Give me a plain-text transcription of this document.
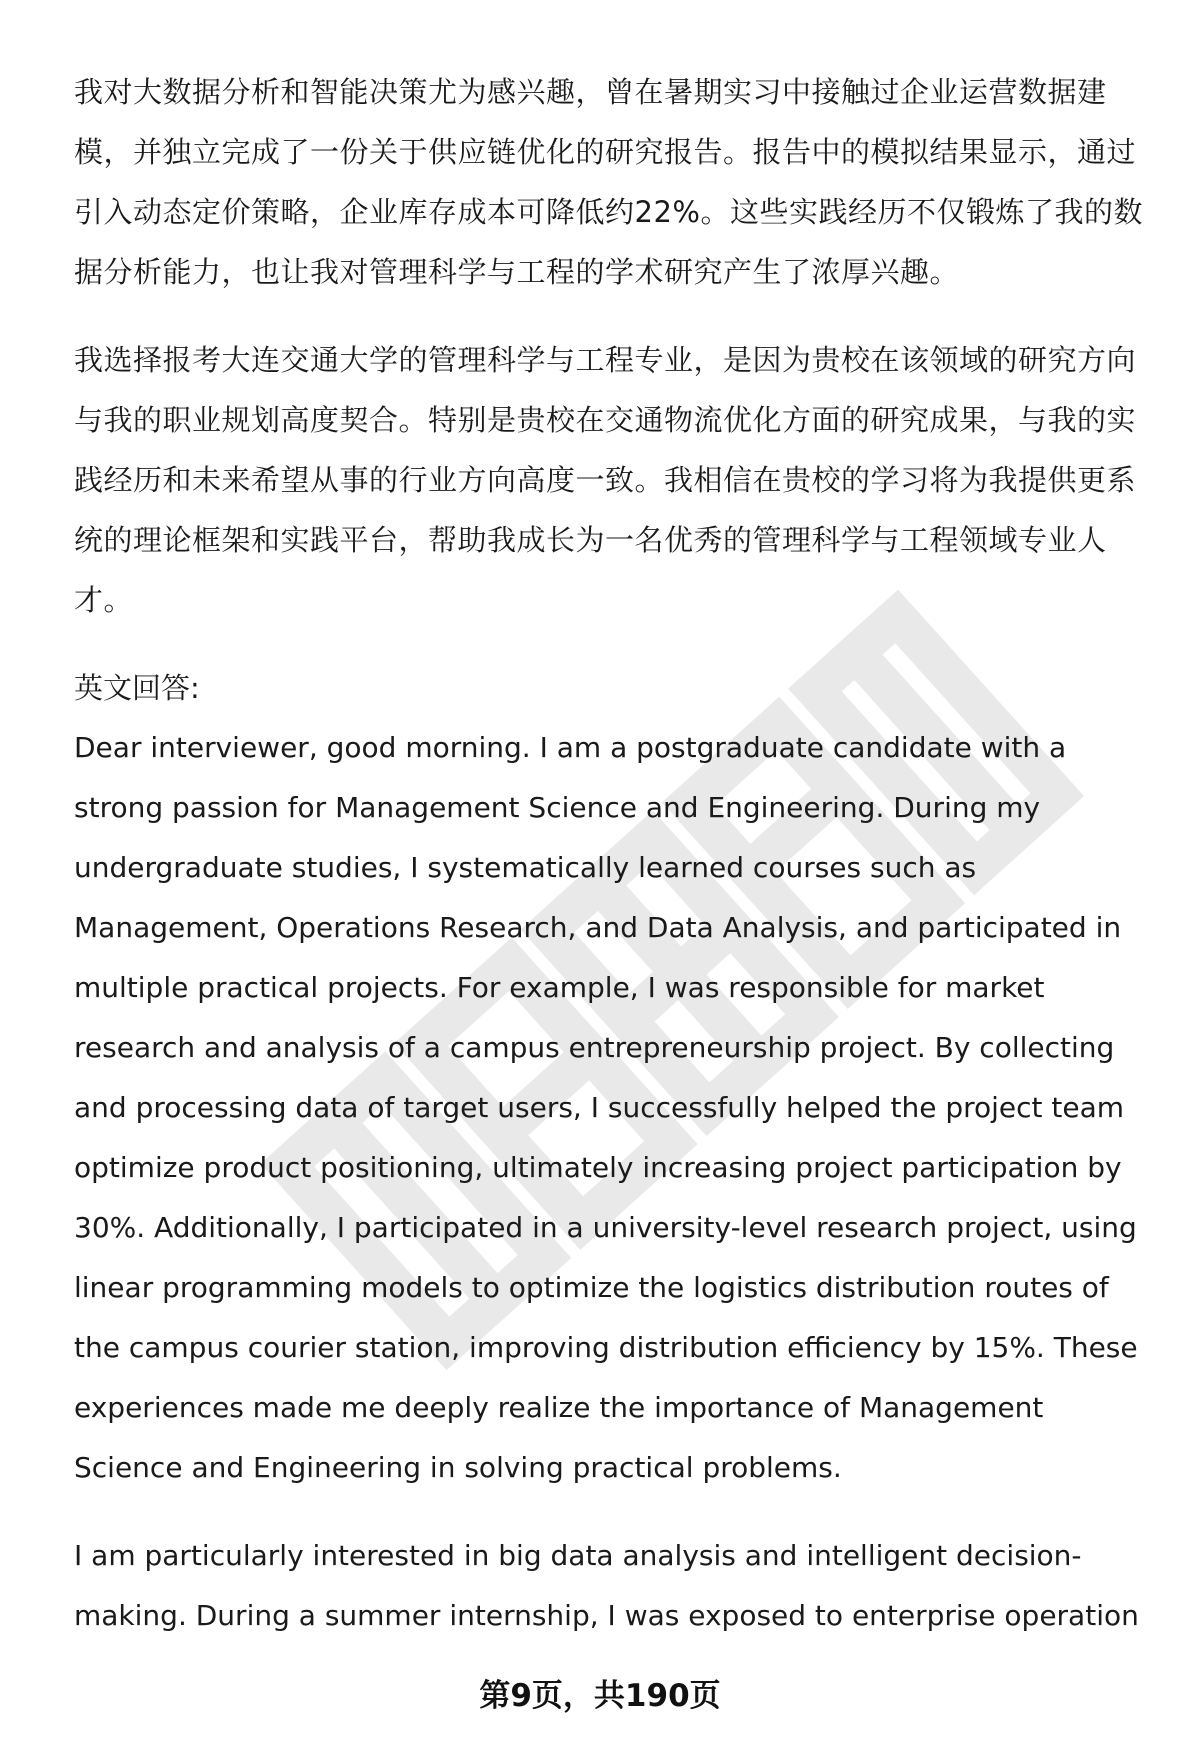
我对大数据分析和智能决策尤为感兴趣，曾在暑期实习中接触过企业运营数据建模，并独立完成了一份关于供应链优化的研究报告。报告中的模拟结果显示，通过引入动态定价策略，企业库存成本可降低约22%。这些实践经历不仅锻炼了我的数据分析能力，也让我对管理科学与工程的学术研究产生了浓厚兴趣。

我选择报考大连交通大学的管理科学与工程专业，是因为贵校在该领域的研究方向与我的职业规划高度契合。特别是贵校在交通物流优化方面的研究成果，与我的实践经历和未来希望从事的行业方向高度一致。我相信在贵校的学习将为我提供更系统的理论框架和实践平台，帮助我成长为一名优秀的管理科学与工程领域专业人才。

英文回答:

Dear interviewer, good morning. I am a postgraduate candidate with a strong passion for Management Science and Engineering. During my undergraduate studies, I systematically learned courses such as Management, Operations Research, and Data Analysis, and participated in multiple practical projects. For example, I was responsible for market research and analysis of a campus entrepreneurship project. By collecting and processing data of target users, I successfully helped the project team optimize product positioning, ultimately increasing project participation by 30%. Additionally, I participated in a university-level research project, using linear programming models to optimize the logistics distribution routes of the campus courier station, improving distribution efficiency by 15%. These experiences made me deeply realize the importance of Management Science and Engineering in solving practical problems.

I am particularly interested in big data analysis and intelligent decision-making. During a summer internship, I was exposed to enterprise operation

第9页，共190页
